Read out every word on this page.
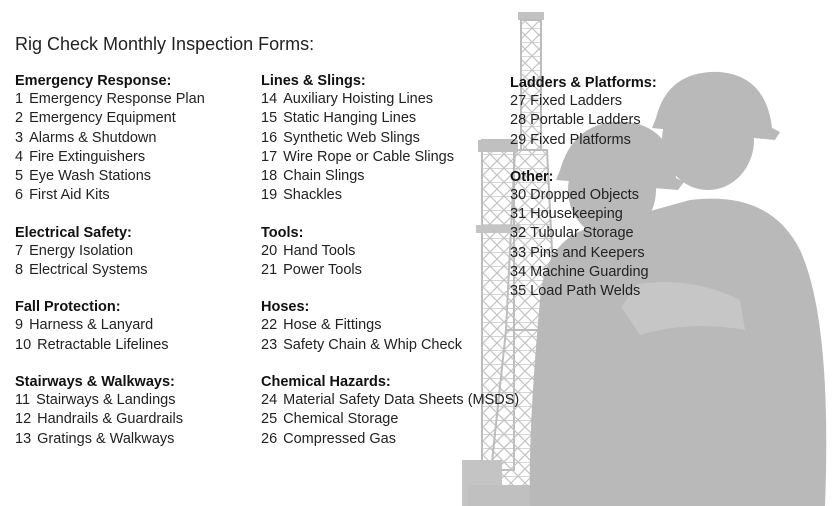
Rig Check Monthly Inspection Forms:
Emergency Response:
1 Emergency Response Plan
2 Emergency Equipment
3 Alarms & Shutdown
4 Fire Extinguishers
5 Eye Wash Stations
6 First Aid Kits
Electrical Safety:
7 Energy Isolation
8 Electrical Systems
Fall Protection:
9 Harness & Lanyard
10 Retractable Lifelines
Stairways & Walkways:
11 Stairways & Landings
12 Handrails & Guardrails
13 Gratings & Walkways
Lines & Slings:
14 Auxiliary Hoisting Lines
15 Static Hanging Lines
16 Synthetic Web Slings
17 Wire Rope or Cable Slings
18 Chain Slings
19 Shackles
Tools:
20 Hand Tools
21 Power Tools
Hoses:
22 Hose & Fittings
23 Safety Chain & Whip Check
Chemical Hazards:
24 Material Safety Data Sheets (MSDS)
25 Chemical Storage
26 Compressed Gas
Ladders & Platforms:
27 Fixed Ladders
28 Portable Ladders
29 Fixed Platforms
Other:
30 Dropped Objects
31 Housekeeping
32 Tubular Storage
33 Pins and Keepers
34 Machine Guarding
35 Load Path Welds
